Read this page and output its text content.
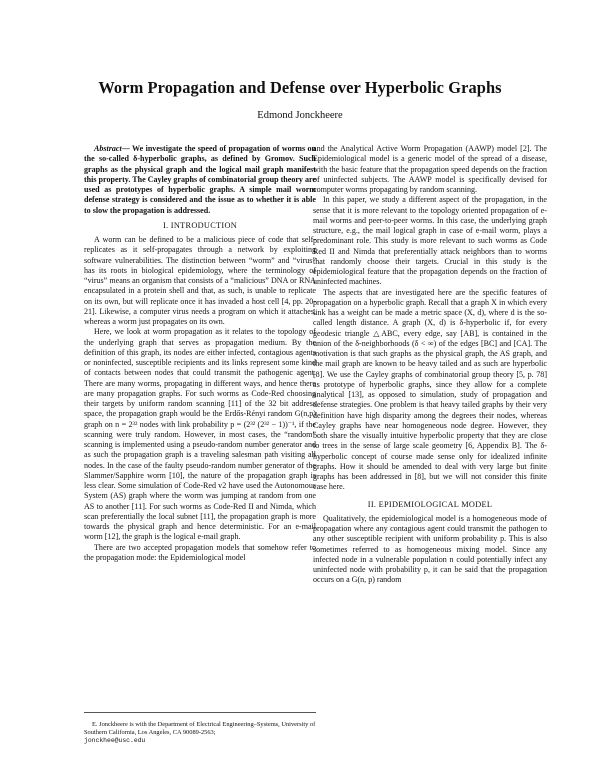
Worm Propagation and Defense over Hyperbolic Graphs
Edmond Jonckheere

Abstract— We investigate the speed of propagation of worms on the so-called δ-hyperbolic graphs, as defined by Gromov. Such graphs as the physical graph and the logical mail graph manifest this property. The Cayley graphs of combinatorial group theory are used as prototypes of hyperbolic graphs. A simple mail worm defense strategy is considered and the issue as to whether it is able to slow the propagation is addressed.

I. INTRODUCTION

A worm can be defined to be a malicious piece of code that self-replicates as it self-propagates through a network by exploiting software vulnerabilities. The distinction between “worm” and “virus” has its roots in biological epidemiology, where the terminology of “virus” means an organism that consists of a “malicious” DNA or RNA encapsulated in a protein shell and that, as such, is unable to replicate on its own, but will replicate once it has invaded a host cell [4, pp. 20-21]. Likewise, a computer virus needs a program on which it attaches, whereas a worm just propagates on its own.

Here, we look at worm propagation as it relates to the topology of the underlying graph that serves as propagation medium. By the definition of this graph, its nodes are either infected, contagious agents or noninfected, susceptible recipients and its links represent some kind of contacts between nodes that could transmit the pathogenic agent. There are many worms, propagating in different ways, and hence there are many propagation graphs. For such worms as Code-Red choosing their targets by uniform random scanning [11] of the 32 bit address space, the propagation graph would be the Erdős-Rényi random G(n,p) graph on n = 2³² nodes with link probability p = (2³² (2³² − 1))⁻¹, if the scanning were truly random. However, in most cases, the “random” scanning is implemented using a pseudo-random number generator and as such the propagation graph is a traveling salesman path visiting all nodes. In the case of the faulty pseudo-random number generator of the Slammer/Sapphire worm [10], the nature of the propagation graph is less clear. Some simulation of Code-Red v2 have used the Autonomous System (AS) graph where the worm was jumping at random from one AS to another [11]. For such worms as Code-Red II and Nimda, which scan preferentially the local subnet [11], the propagation graph is more towards the physical graph and hence deterministic. For an e-mail worm [12], the graph is the logical e-mail graph.

There are two accepted propagation models that somehow refer to the propagation mode: the Epidemiological model

and the Analytical Active Worm Propagation (AAWP) model [2]. The Epidemiological model is a generic model of the spread of a disease, with the basic feature that the propagation speed depends on the fraction of uninfected subjects. The AAWP model is specifically devised for computer worms propagating by random scanning.

In this paper, we study a different aspect of the propagation, in the sense that it is more relevant to the topology oriented propagation of e-mail worms and peer-to-peer worms. In this case, the underlying graph structure, e.g., the mail logical graph in case of e-mail worm, plays a predominant role. This study is more relevant to such worms as Code Red II and Nimda that preferentially attack neighbors than to worms that randomly choose their targets. Crucial in this study is the epidemiological feature that the propagation depends on the fraction of uninfected machines.

The aspects that are investigated here are the specific features of propagation on a hyperbolic graph. Recall that a graph X in which every link has a weight can be made a metric space (X, d), where d is the so-called length distance. A graph (X, d) is δ-hyperbolic if, for every geodesic triangle △ABC, every edge, say [AB], is contained in the union of the δ-neighborhoods (δ < ∞) of the edges [BC] and [CA]. The motivation is that such graphs as the physical graph, the AS graph, and the mail graph are known to be heavy tailed and as such are hyperbolic [8]. We use the Cayley graphs of combinatorial group theory [5, p. 78] as prototype of hyperbolic graphs, since they allow for a complete analytical [13], as opposed to simulation, study of propagation and defense strategies. One problem is that heavy tailed graphs by their very definition have high disparity among the degrees their nodes, whereas Cayley graphs have near homogeneous node degree. However, they both share the visually intuitive hyperbolic property that they are close to trees in the sense of large scale geometry [6, Appendix B]. The δ-hyperbolic concept of course made sense only for idealized infinite graphs. How it should be amended to deal with very large but finite graphs has been addressed in [8], but we will not consider this finite case here.

II. EPIDEMIOLOGICAL MODEL

Qualitatively, the epidemiological model is a homogeneous mode of propagation where any contagious agent could transmit the pathogen to any other susceptible recipient with uniform probability p. This is also sometimes referred to as homogeneous mixing model. Since any infected node in a vulnerable population n could potentially infect any uninfected node with probability p, it can be said that the propagation occurs on a G(n, p) random

E. Jonckheere is with the Department of Electrical Engineering–Systems, University of Southern California, Los Angeles, CA 90089-2563;
jonckhee@usc.edu
